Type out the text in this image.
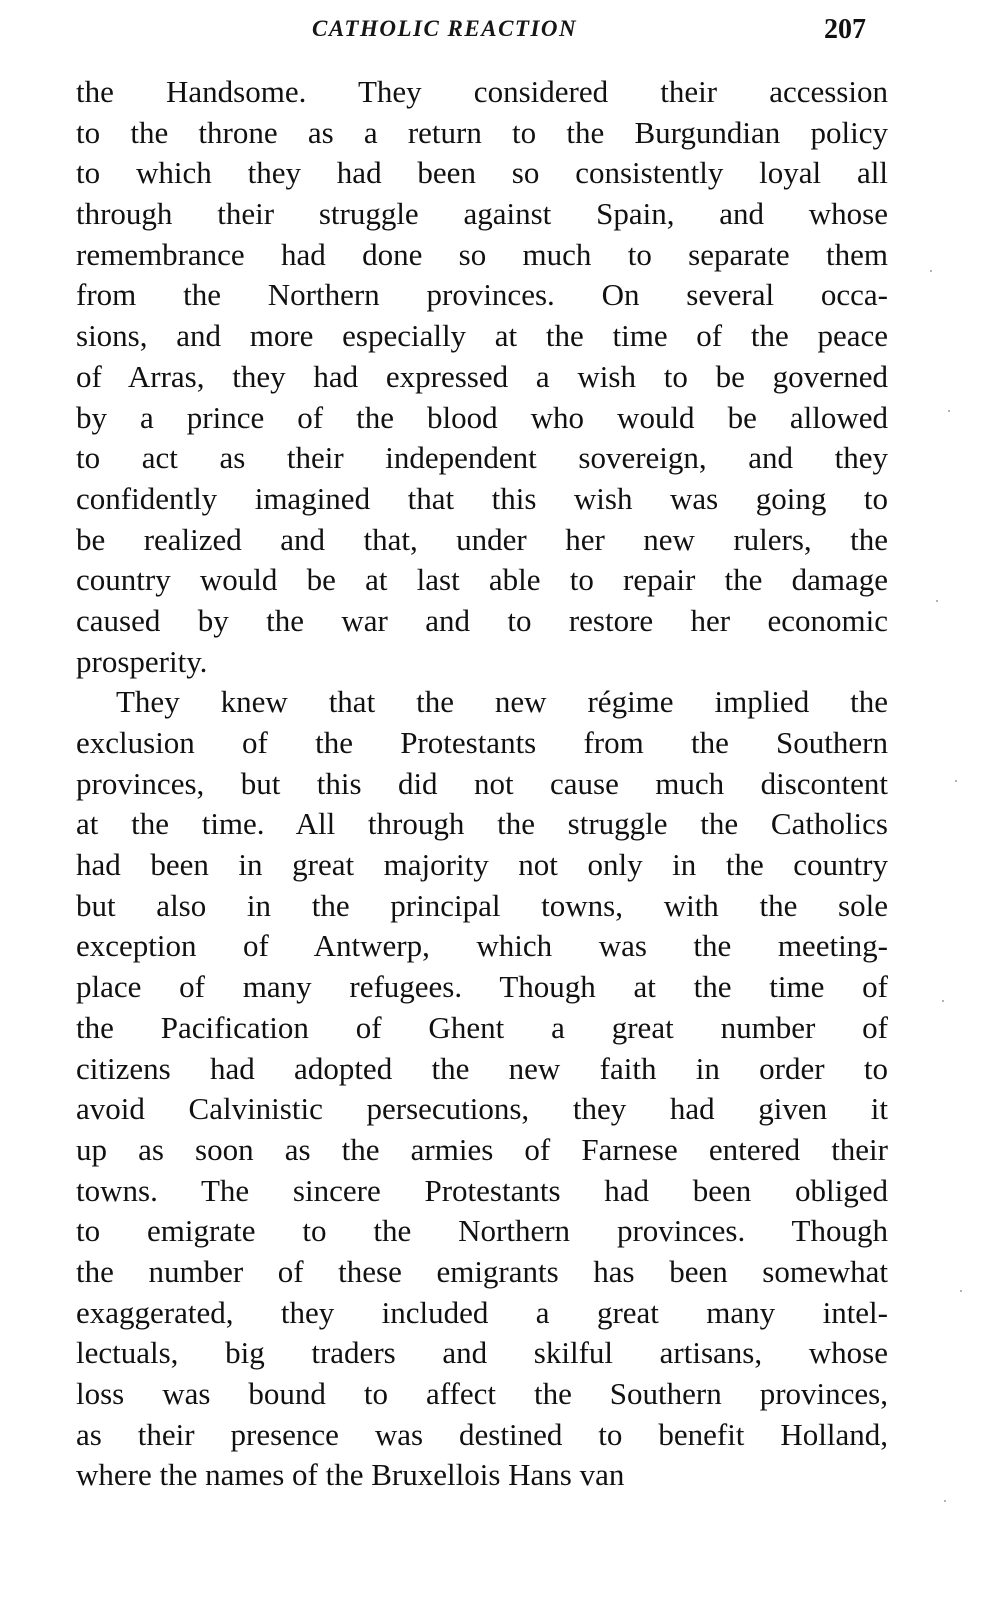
CATHOLIC REACTION	207
the Handsome. They considered their accession
to the throne as a return to the Burgundian policy
to which they had been so consistently loyal all
through their struggle against Spain, and whose
remembrance had done so much to separate them
from the Northern provinces. On several occa-
sions, and more especially at the time of the peace
of Arras, they had expressed a wish to be governed
by a prince of the blood who would be allowed
to act as their independent sovereign, and they
confidently imagined that this wish was going to
be realized and that, under her new rulers, the
country would be at last able to repair the damage
caused by the war and to restore her economic
prosperity.
They knew that the new régime implied the
exclusion of the Protestants from the Southern
provinces, but this did not cause much discontent
at the time. All through the struggle the Catholics
had been in great majority not only in the country
but also in the principal towns, with the sole
exception of Antwerp, which was the meeting-
place of many refugees. Though at the time of
the Pacification of Ghent a great number of
citizens had adopted the new faith in order to
avoid Calvinistic persecutions, they had given it
up as soon as the armies of Farnese entered their
towns. The sincere Protestants had been obliged
to emigrate to the Northern provinces. Though
the number of these emigrants has been somewhat
exaggerated, they included a great many intel-
lectuals, big traders and skilful artisans, whose
loss was bound to affect the Southern provinces,
as their presence was destined to benefit Holland,
where the names of the Bruxellois Hans van
